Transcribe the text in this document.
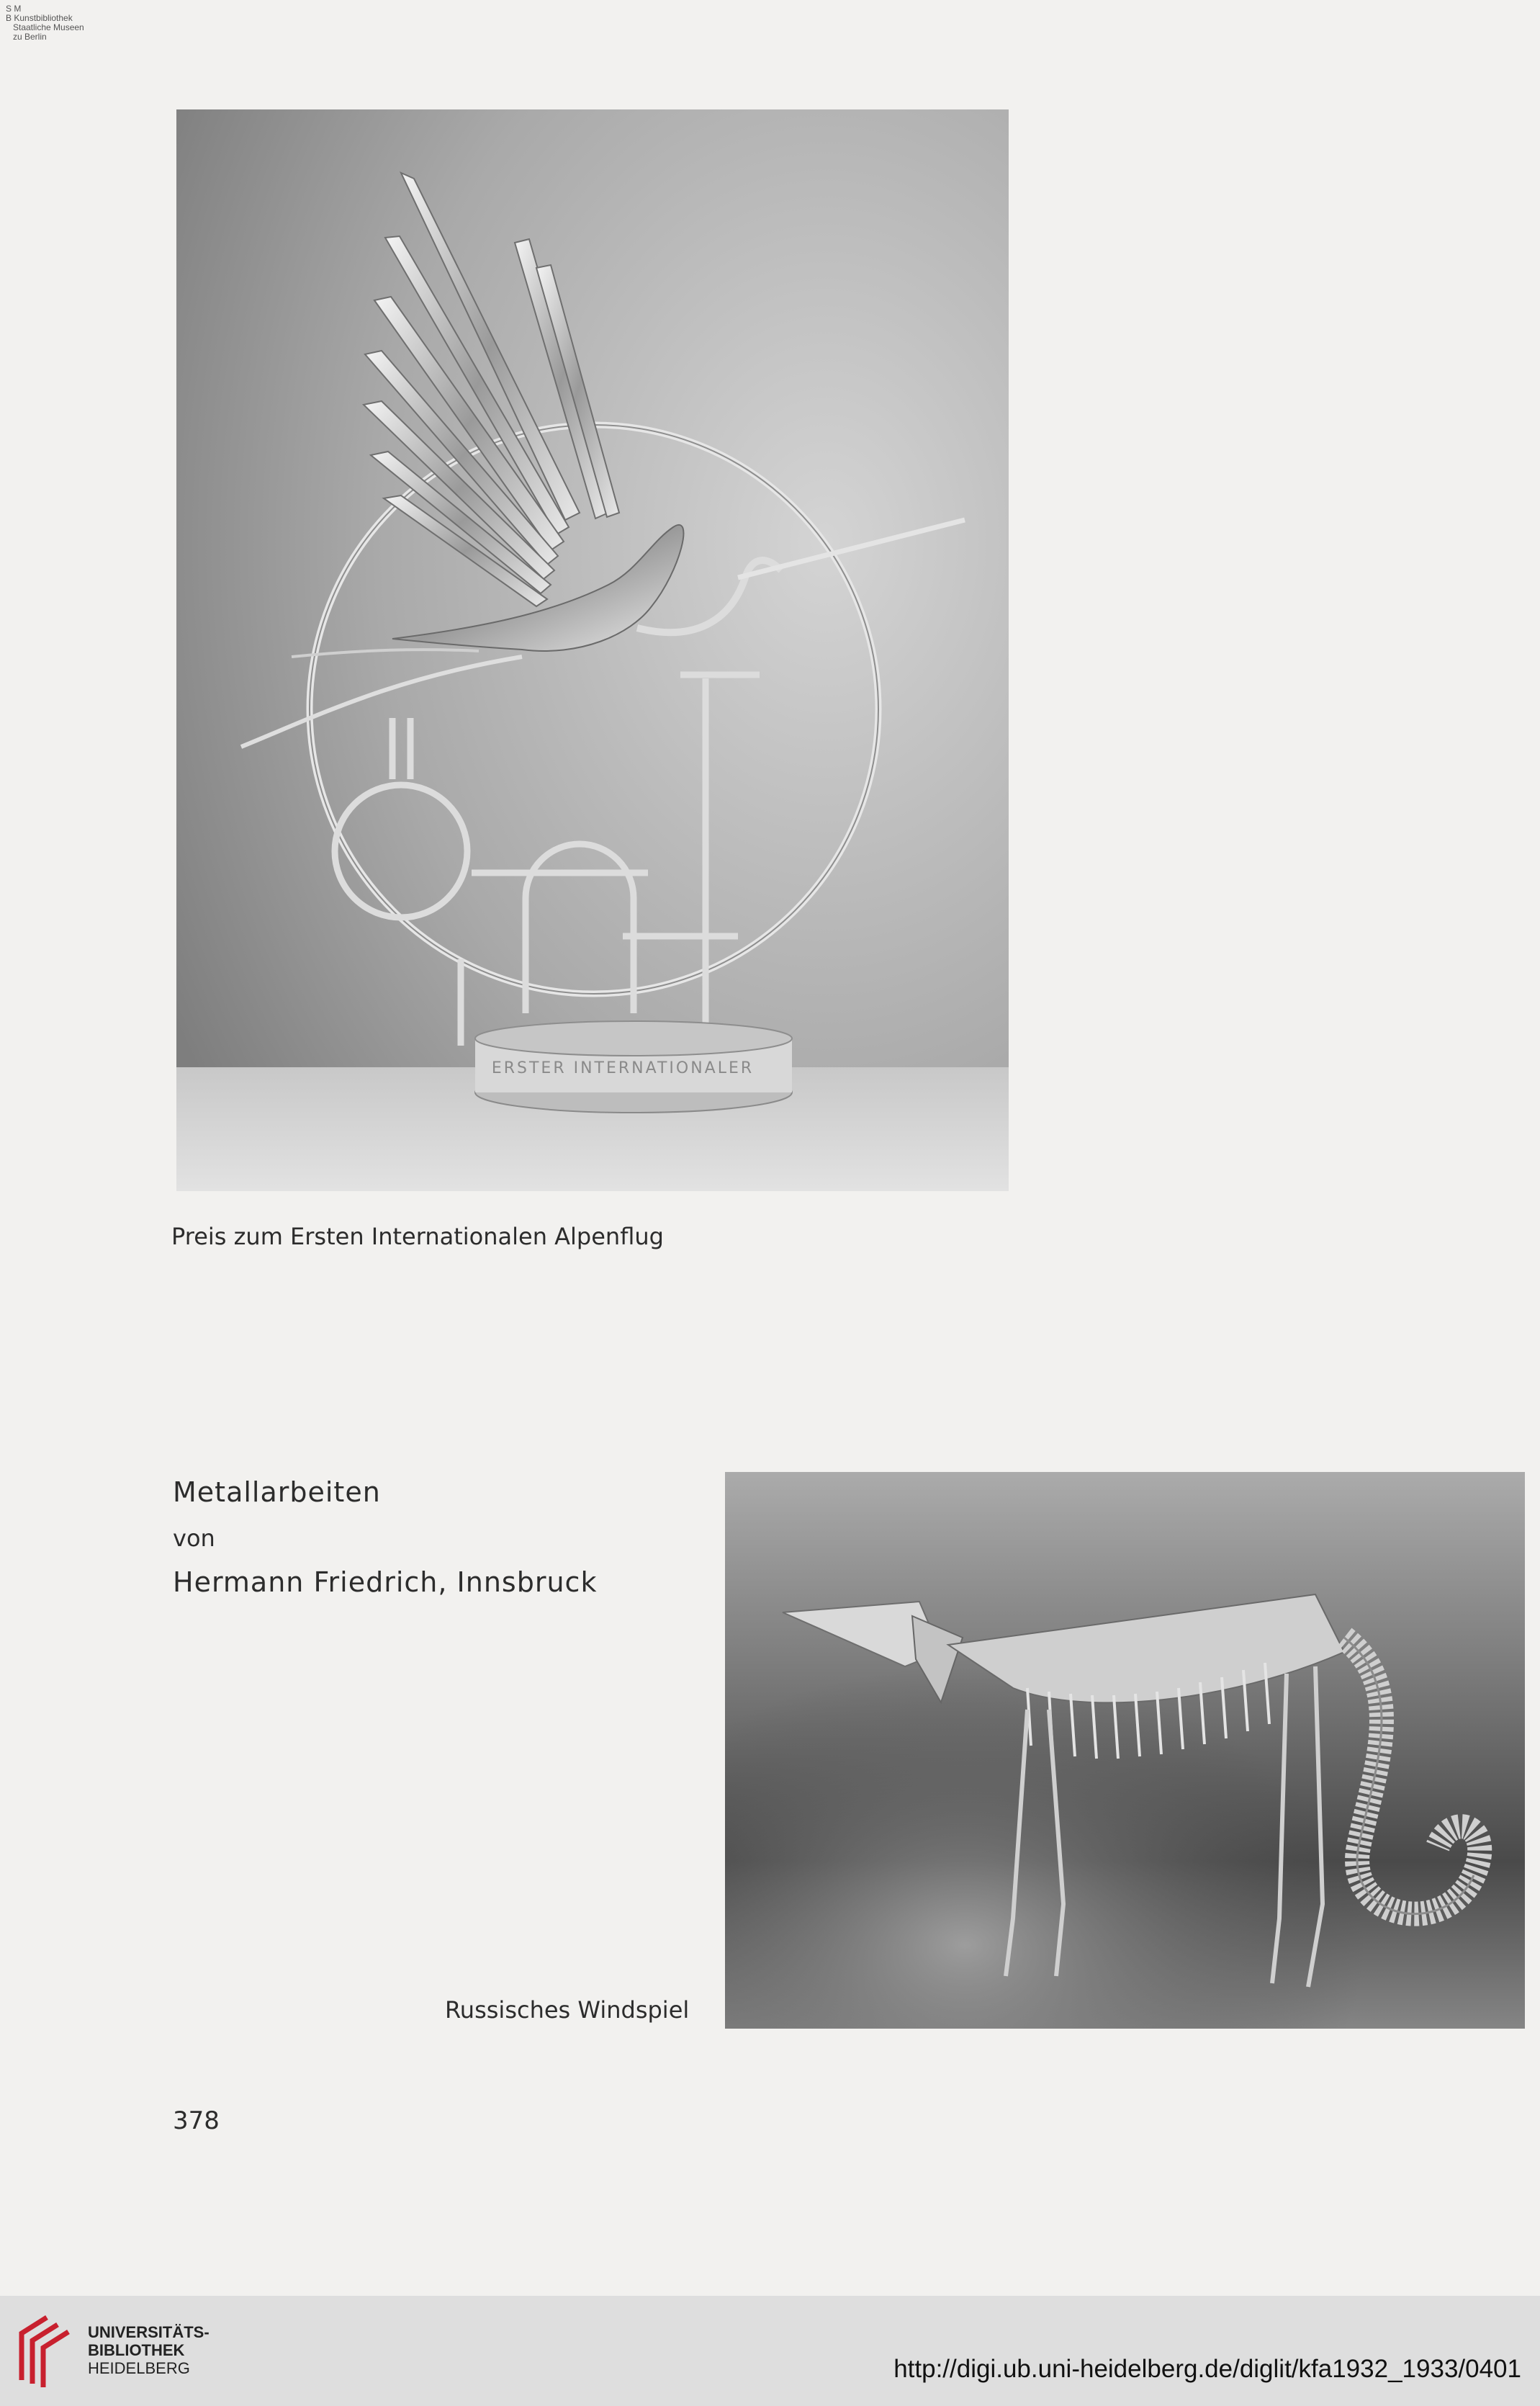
S M
B Kunstbibliothek
Staatliche Museen
zu Berlin
ERSTER INTERNATIONALER
Preis zum Ersten Internationalen Alpenflug
Metallarbeiten
von
Hermann Friedrich, Innsbruck
Russisches Windspiel
378
UNIVERSITÄTS-
BIBLIOTHEK
HEIDELBERG	http://digi.ub.uni-heidelberg.de/diglit/kfa1932_1933/0401
